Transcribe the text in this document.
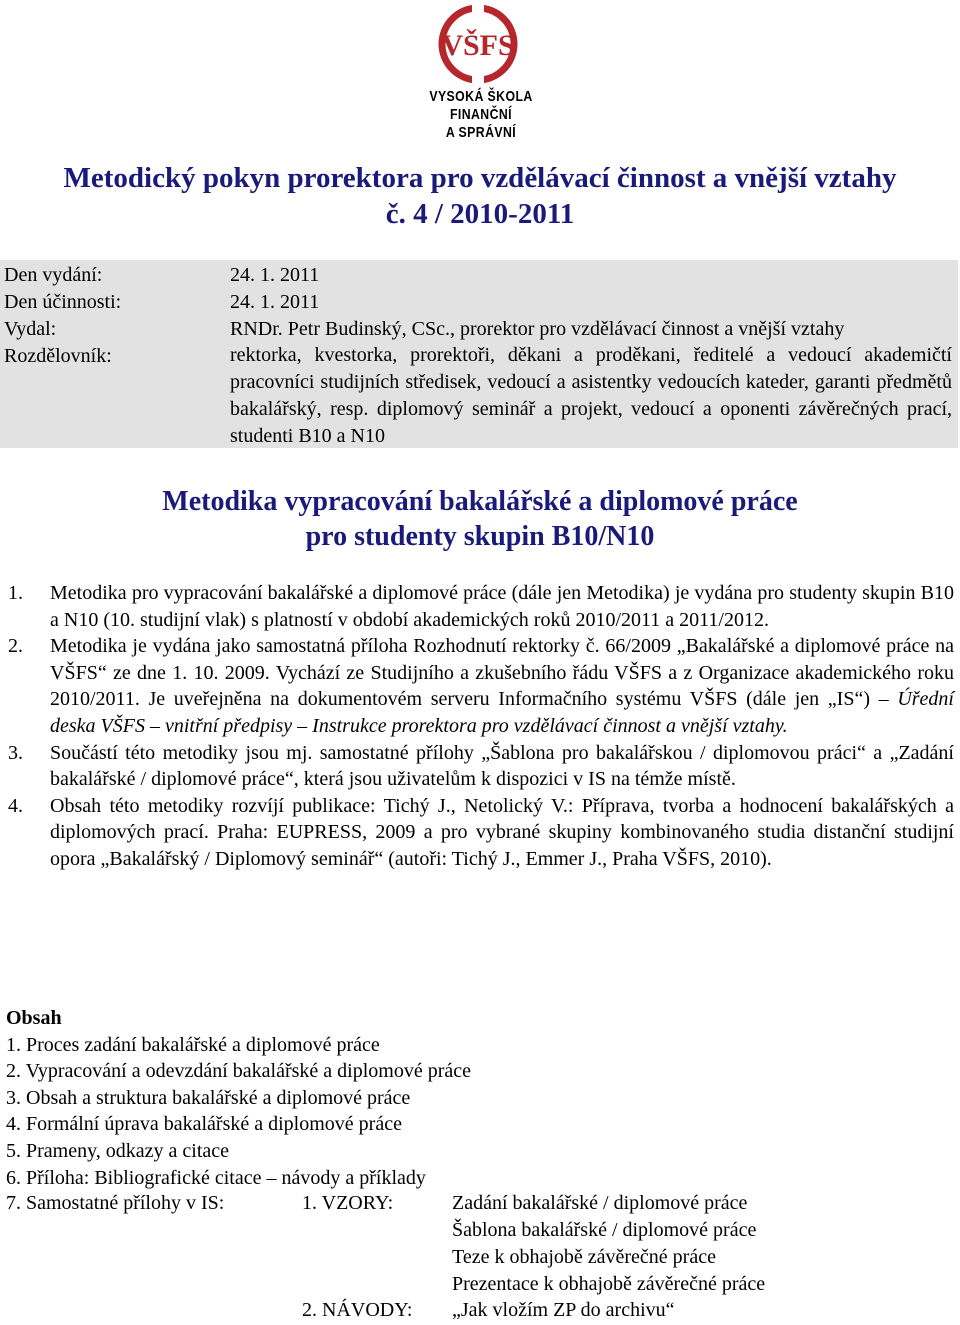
VŠFS
VYSOKÁ ŠKOLA
FINANČNÍ
A SPRÁVNÍ
Metodický pokyn prorektora pro vzdělávací činnost a vnější vztahy
č. 4 / 2010-2011
Den vydání:	24. 1. 2011
Den účinnosti:	24. 1. 2011
Vydal:	RNDr. Petr Budinský, CSc., prorektor pro vzdělávací činnost a vnější vztahy
Rozdělovník:	rektorka, kvestorka, prorektoři, děkani a proděkani, ředitelé a vedoucí akademičtí pracovníci studijních středisek, vedoucí a asistentky vedoucích kateder, garanti předmětů bakalářský, resp. diplomový seminář a projekt, vedoucí a oponenti závěrečných prací, studenti B10 a N10
Metodika vypracování bakalářské a diplomové práce
pro studenty skupin B10/N10
1. Metodika pro vypracování bakalářské a diplomové práce (dále jen Metodika) je vydána pro studenty skupin B10 a N10 (10. studijní vlak) s platností v období akademických roků 2010/2011 a 2011/2012.
2. Metodika je vydána jako samostatná příloha Rozhodnutí rektorky č. 66/2009 „Bakalářské a diplomové práce na VŠFS“ ze dne 1. 10. 2009. Vychází ze Studijního a zkušebního řádu VŠFS a z Organizace akademického roku 2010/2011. Je uveřejněna na dokumentovém serveru Informačního systému VŠFS (dále jen „IS“) – Úřední deska VŠFS – vnitřní předpisy – Instrukce prorektora pro vzdělávací činnost a vnější vztahy.
3. Součástí této metodiky jsou mj. samostatné přílohy „Šablona pro bakalářskou / diplomovou práci“ a „Zadání bakalářské / diplomové práce“, která jsou uživatelům k dispozici v IS na témže místě.
4. Obsah této metodiky rozvíjí publikace: Tichý J., Netolický V.: Příprava, tvorba a hodnocení bakalářských a diplomových prací. Praha: EUPRESS, 2009 a pro vybrané skupiny kombinovaného studia distanční studijní opora „Bakalářský / Diplomový seminář“ (autoři: Tichý J., Emmer J., Praha VŠFS, 2010).
Obsah
1. Proces zadání bakalářské a diplomové práce
2. Vypracování a odevzdání bakalářské a diplomové práce
3. Obsah a struktura bakalářské a diplomové práce
4. Formální úprava bakalářské a diplomové práce
5. Prameny, odkazy a citace
6. Příloha: Bibliografické citace – návody a příklady
7. Samostatné přílohy v IS:	1. VZORY:	Zadání bakalářské / diplomové práce
Šablona bakalářské / diplomové práce
Teze k obhajobě závěrečné práce
Prezentace k obhajobě závěrečné práce
2. NÁVODY: „Jak vložím ZP do archivu“
